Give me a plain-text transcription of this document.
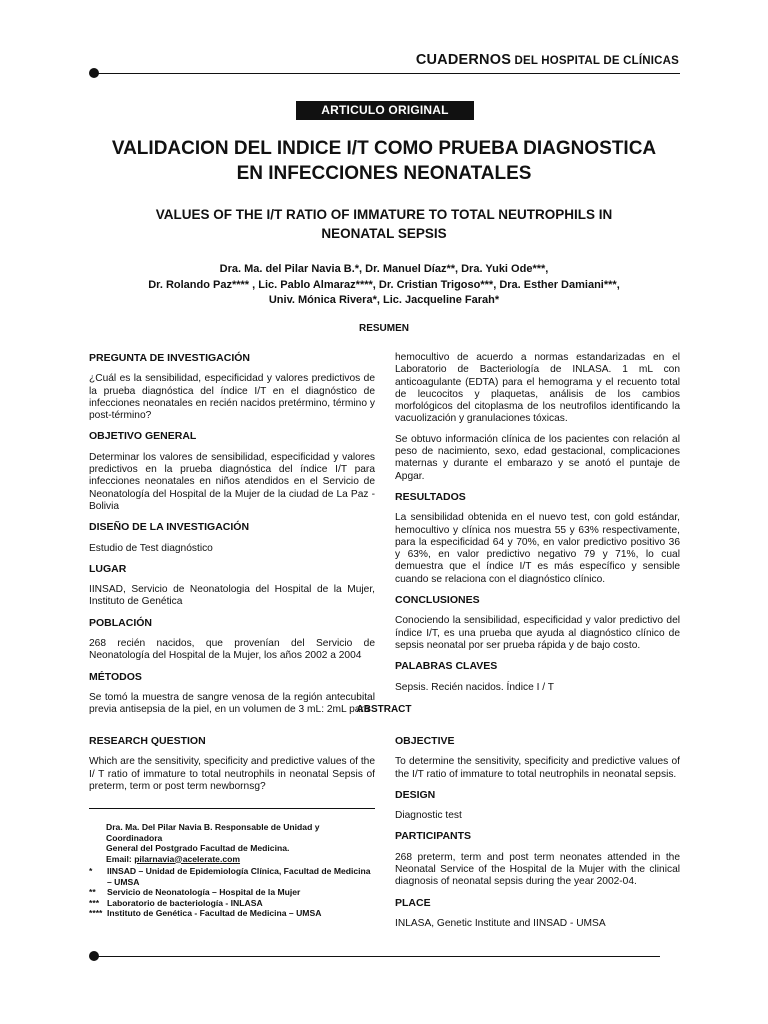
CUADERNOS DEL HOSPITAL DE CLÍNICAS
ARTICULO ORIGINAL
VALIDACION DEL INDICE I/T COMO PRUEBA DIAGNOSTICA
EN INFECCIONES NEONATALES
VALUES OF THE I/T RATIO OF IMMATURE TO TOTAL NEUTROPHILS IN
NEONATAL SEPSIS
Dra. Ma. del Pilar Navia B.*, Dr. Manuel Díaz**, Dra. Yuki Ode***,
Dr. Rolando Paz**** , Lic. Pablo Almaraz****, Dr. Cristian Trigoso***, Dra. Esther Damiani***,
Univ. Mónica Rivera*, Lic. Jacqueline Farah*
RESUMEN
PREGUNTA DE INVESTIGACIÓN

¿Cuál es la sensibilidad, especificidad y valores predictivos de la prueba diagnóstica del índice I/T en el diagnóstico de infecciones neonatales en recién nacidos pretérmino, término y post-término?

OBJETIVO GENERAL

Determinar los valores de sensibilidad, especificidad y valores predictivos en la prueba diagnóstica del índice I/T para infecciones neonatales en niños atendidos en el Servicio de Neonatología del Hospital de la Mujer de la ciudad de La Paz - Bolivia

DISEÑO DE LA INVESTIGACIÓN

Estudio de Test diagnóstico

LUGAR

IINSAD, Servicio de Neonatologia del Hospital de la Mujer, Instituto de Genética

POBLACIÓN

268 recién nacidos, que provenían del Servicio de Neonatología del Hospital de la Mujer, los años 2002 a 2004

MÉTODOS

Se tomó la muestra de sangre venosa de la región antecubital previa antisepsia de la piel, en un volumen de 3 mL: 2mL para

hemocultivo de acuerdo a normas estandarizadas en el Laboratorio de Bacteriología de INLASA. 1 mL con anticoagulante (EDTA) para el hemograma y el recuento total de leucocitos y plaquetas, análisis de los cambios morfológicos del citoplasma de los neutrofilos identificando la vacuolización y granulaciones tóxicas.

Se obtuvo información clínica de los pacientes con relación al peso de nacimiento, sexo, edad gestacional, complicaciones maternas y durante el embarazo y se anotó el puntaje de Apgar.

RESULTADOS

La sensibilidad obtenida en el nuevo test, con gold estándar, hemocultivo y clínica nos muestra 55 y 63% respectivamente, para la especificidad 64 y 70%, en valor predictivo positivo 36 y 63%, en valor predictivo negativo 79 y 71%, lo cual demuestra que el índice I/T es más específico y sensible cuando se relaciona con el diagnóstico clínico.

CONCLUSIONES

Conociendo la sensibilidad, especificidad y valor predictivo del índice I/T, es una prueba que ayuda al diagnóstico clínico de sepsis neonatal por ser prueba rápida y de bajo costo.

PALABRAS CLAVES

Sepsis. Recién nacidos. Índice I / T

ABSTRACT
RESEARCH QUESTION

Which are the sensitivity, specificity and predictive values of the I/ T ratio of immature to total neutrophils in neonatal Sepsis of preterm, term or post term newbornsg?

Dra. Ma. Del Pilar Navia B. Responsable de Unidad y Coordinadora
General del Postgrado Facultad de Medicina.
Email: pilarnavia@acelerate.com
*	IINSAD – Unidad de Epidemiología Clínica, Facultad de Medicina – UMSA
**	Servicio de Neonatología – Hospital de la Mujer
*** Laboratorio de bacteriología - INLASA
**** Instituto de Genética - Facultad de Medicina – UMSA
OBJECTIVE

To determine the sensitivity, specificity and predictive values of the I/T ratio of immature to total neutrophils in neonatal sepsis.

DESIGN

Diagnostic test

PARTICIPANTS

268 preterm, term and post term neonates attended in the Neonatal Service of the Hospital de la Mujer with the clinical diagnosis of neonatal sepsis during the year 2002-04.

PLACE

INLASA, Genetic Institute and IINSAD - UMSA
